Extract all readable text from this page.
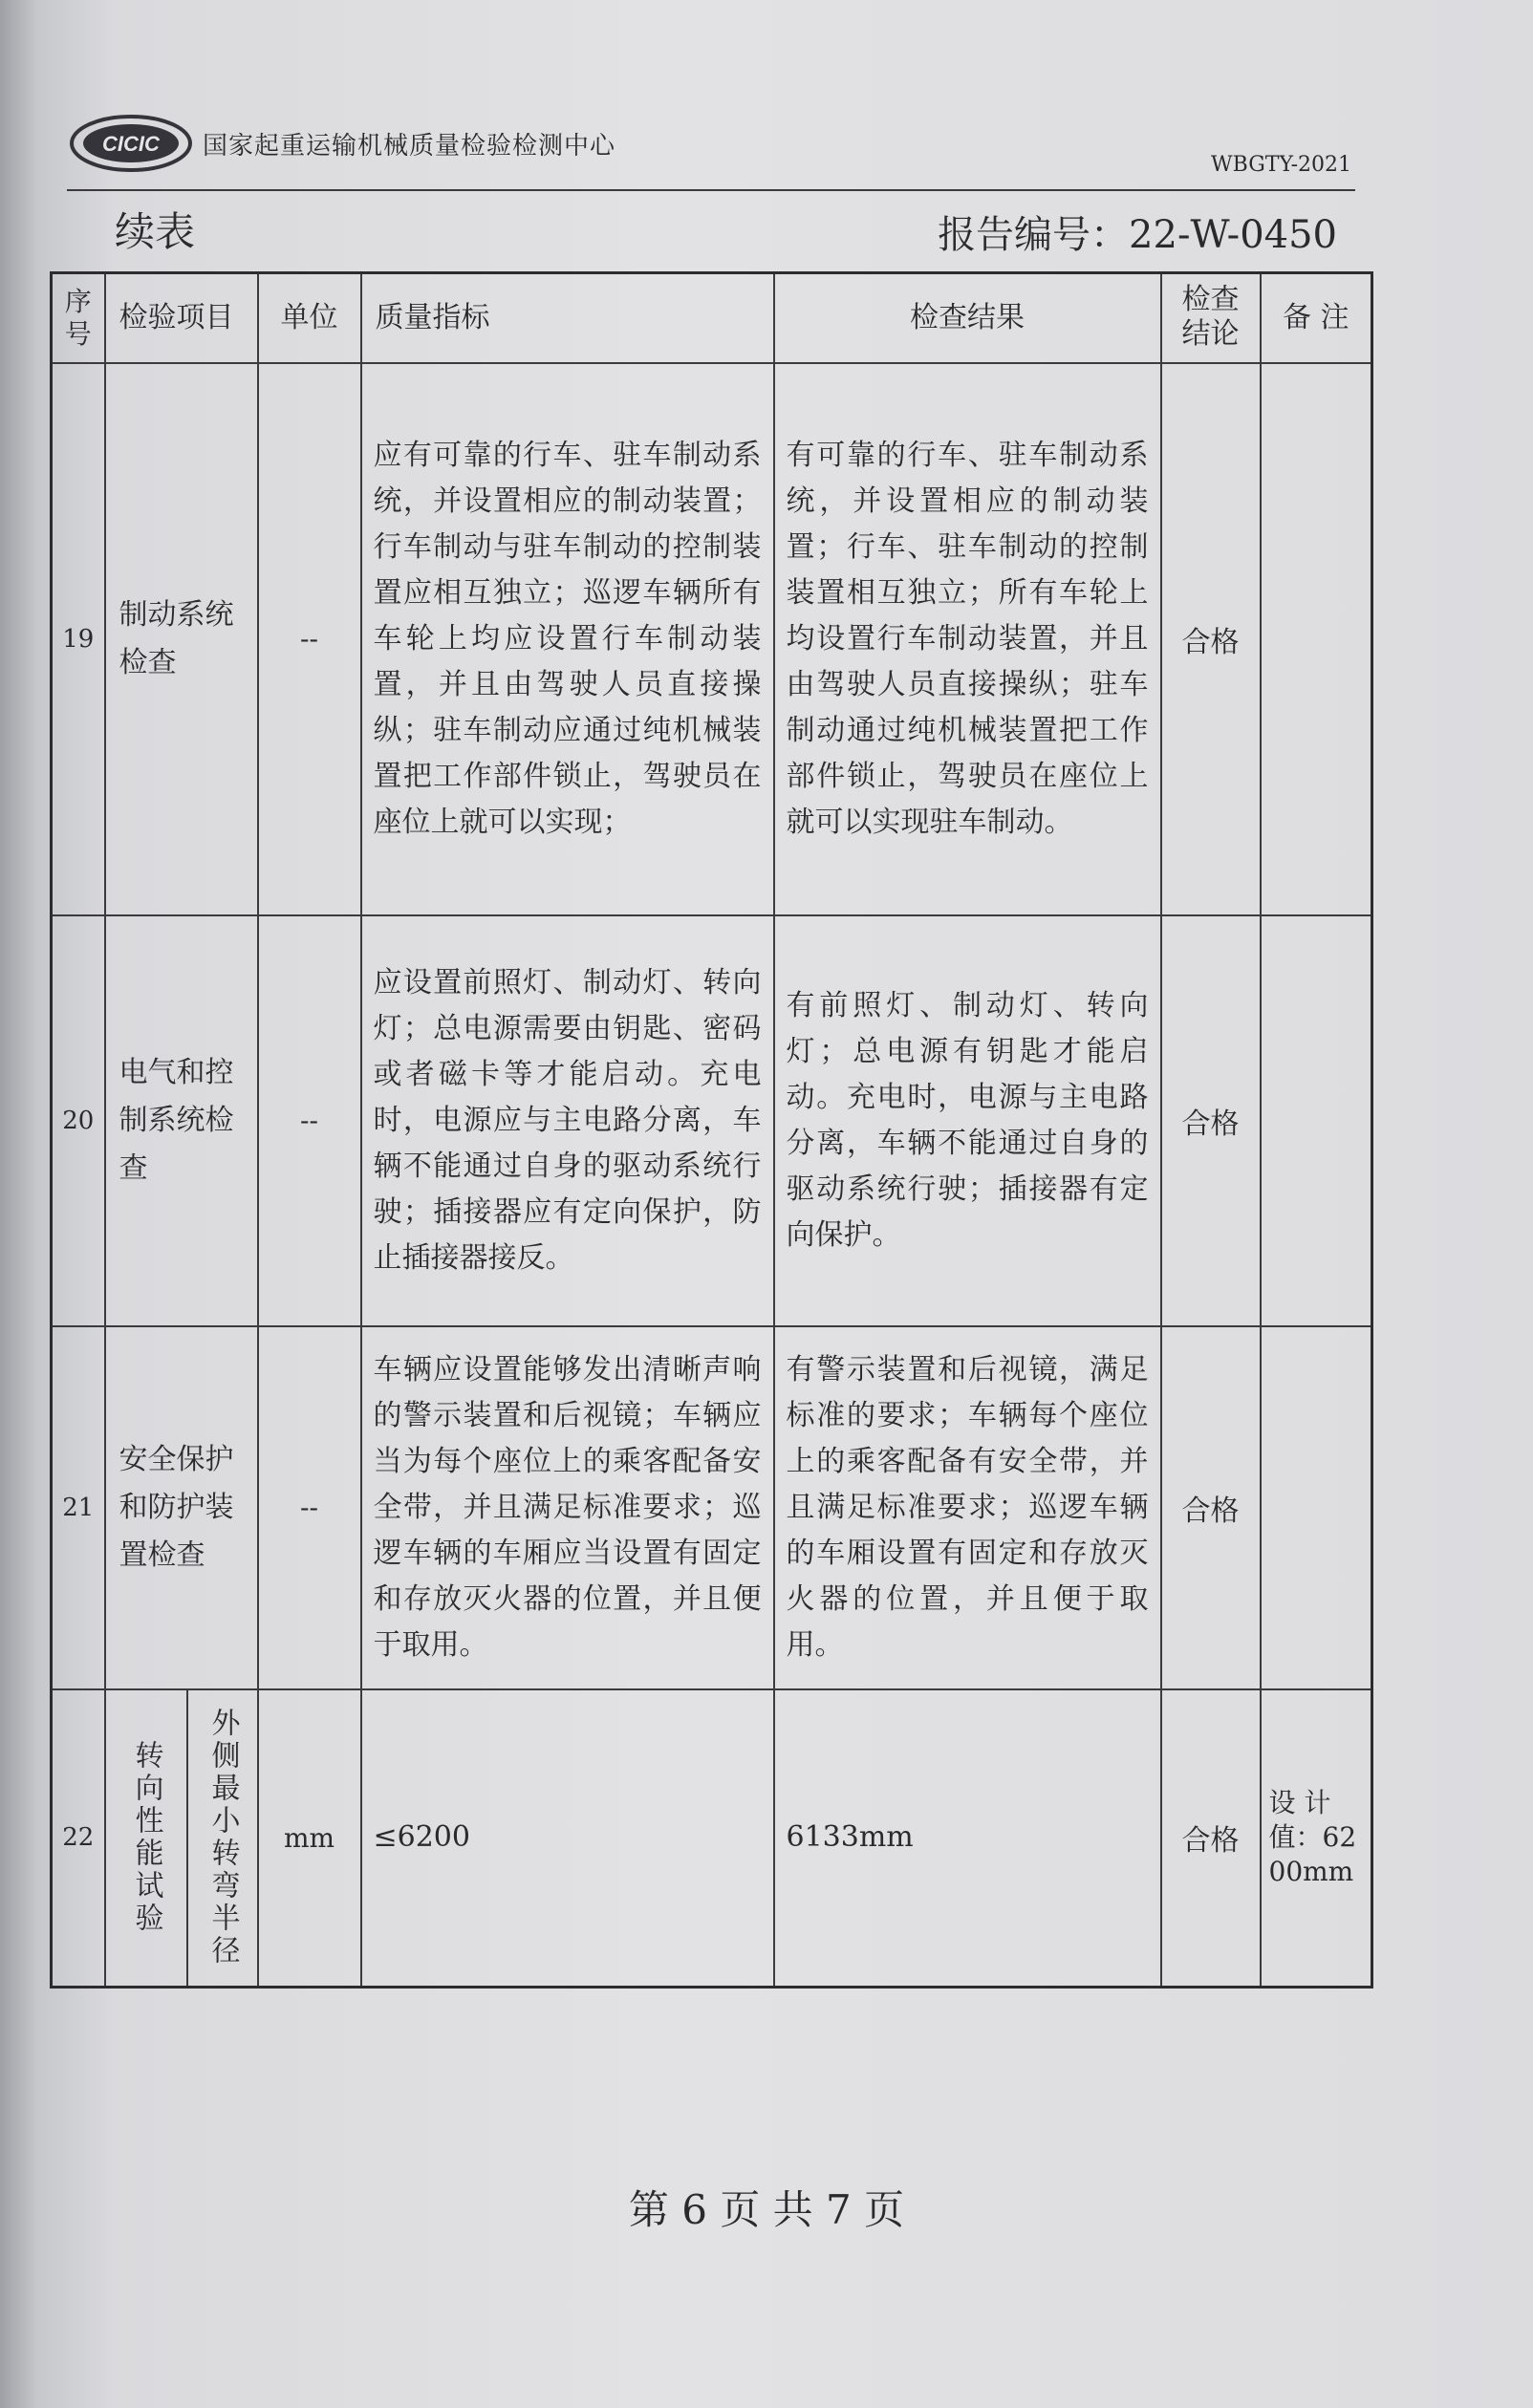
CICIC 国家起重运输机械质量检验检测中心
WBGTY-2021
续表	报告编号：22-W-0450
序号	检验项目		单位	质量指标	检查结果	检查结论	备 注
19	制动系统检查		--	应有可靠的行车、驻车制动系统，并设置相应的制动装置；行车制动与驻车制动的控制装置应相互独立；巡逻车辆所有车轮上均应设置行车制动装置，并且由驾驶人员直接操纵；驻车制动应通过纯机械装置把工作部件锁止，驾驶员在座位上就可以实现；	有可靠的行车、驻车制动系统，并设置相应的制动装置；行车、驻车制动的控制装置相互独立；所有车轮上均设置行车制动装置，并且由驾驶人员直接操纵；驻车制动通过纯机械装置把工作部件锁止，驾驶员在座位上就可以实现驻车制动。	合格	
20	电气和控制系统检查		--	应设置前照灯、制动灯、转向灯；总电源需要由钥匙、密码或者磁卡等才能启动。充电时，电源应与主电路分离，车辆不能通过自身的驱动系统行驶；插接器应有定向保护，防止插接器接反。	有前照灯、制动灯、转向灯；总电源有钥匙才能启动。充电时，电源与主电路分离，车辆不能通过自身的驱动系统行驶；插接器有定向保护。	合格	
21	安全保护和防护装置检查		--	车辆应设置能够发出清晰声响的警示装置和后视镜；车辆应当为每个座位上的乘客配备安全带，并且满足标准要求；巡逻车辆的车厢应当设置有固定和存放灭火器的位置，并且便于取用。	有警示装置和后视镜，满足标准的要求；车辆每个座位上的乘客配备有安全带，并且满足标准要求；巡逻车辆的车厢设置有固定和存放灭火器的位置，并且便于取用。	合格	
22	转向性能试验	外侧最小转弯半径	mm	≤6200	6133mm	合格	设 计值：6200mm
第 6 页 共 7 页
